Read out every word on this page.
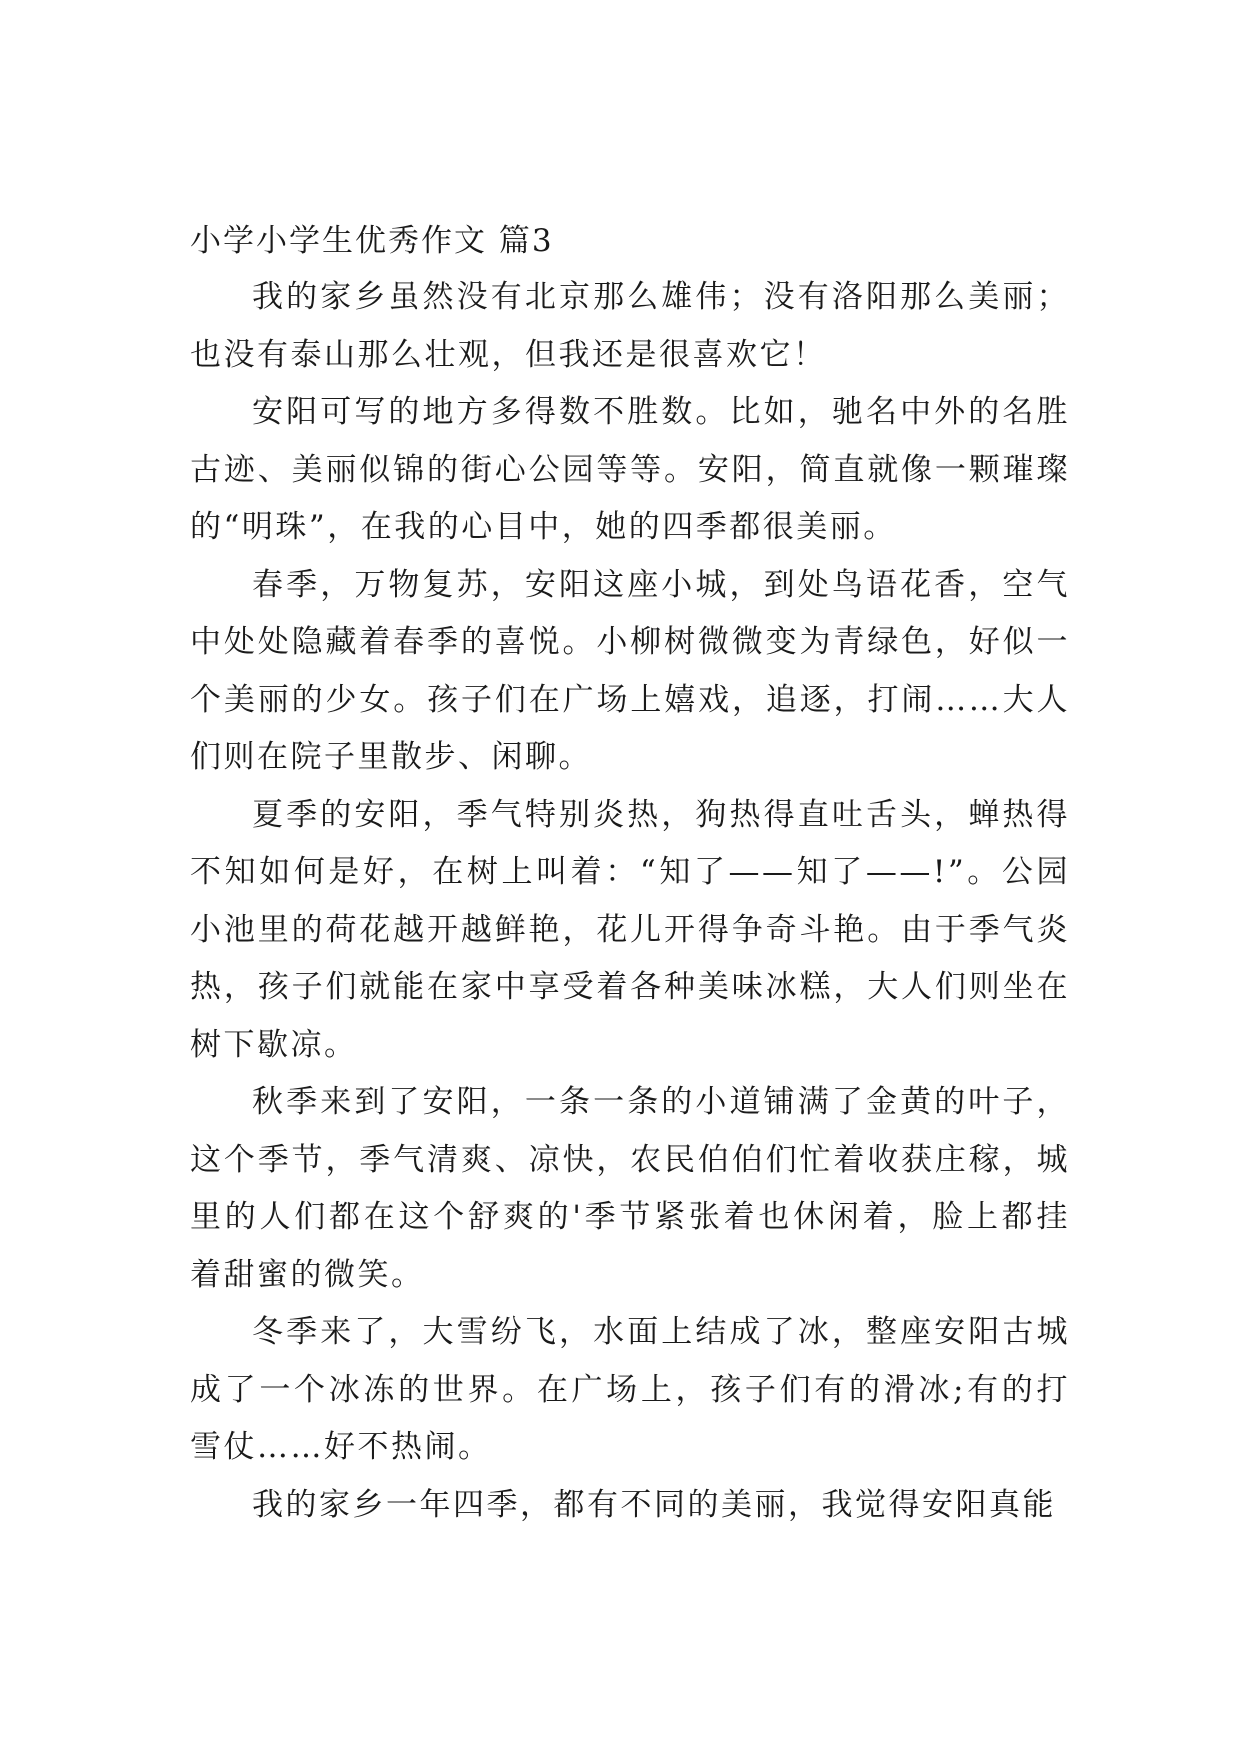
小学小学生优秀作文 篇3

我的家乡虽然没有北京那么雄伟；没有洛阳那么美丽；也没有泰山那么壮观，但我还是很喜欢它！

安阳可写的地方多得数不胜数。比如，驰名中外的名胜古迹、美丽似锦的街心公园等等。安阳，简直就像一颗璀璨的“明珠”，在我的心目中，她的四季都很美丽。

春季，万物复苏，安阳这座小城，到处鸟语花香，空气中处处隐藏着春季的喜悦。小柳树微微变为青绿色，好似一个美丽的少女。孩子们在广场上嬉戏，追逐，打闹……大人们则在院子里散步、闲聊。

夏季的安阳，季气特别炎热，狗热得直吐舌头，蝉热得不知如何是好，在树上叫着：“知了——知了——!”。公园小池里的荷花越开越鲜艳，花儿开得争奇斗艳。由于季气炎热，孩子们就能在家中享受着各种美味冰糕，大人们则坐在树下歇凉。

秋季来到了安阳，一条一条的小道铺满了金黄的叶子，这个季节，季气清爽、凉快，农民伯伯们忙着收获庄稼，城里的人们都在这个舒爽的'季节紧张着也休闲着，脸上都挂着甜蜜的微笑。

冬季来了，大雪纷飞，水面上结成了冰，整座安阳古城成了一个冰冻的世界。在广场上，孩子们有的滑冰;有的打雪仗……好不热闹。

我的家乡一年四季，都有不同的美丽，我觉得安阳真能
